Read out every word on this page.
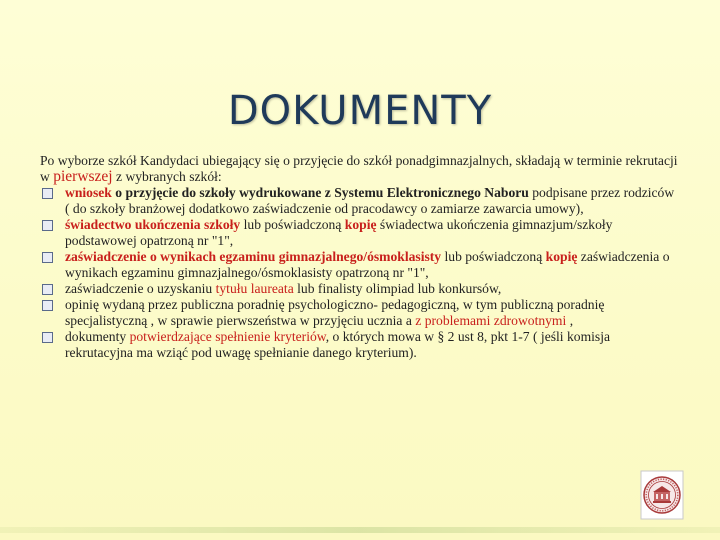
DOKUMENTY

Po wyborze szkół Kandydaci ubiegający się o przyjęcie do szkół ponadgimnazjalnych, składają w terminie rekrutacji w pierwszej z wybranych szkół:

wniosek o przyjęcie do szkoły wydrukowane z Systemu Elektronicznego Naboru podpisane przez rodziców ( do szkoły branżowej dodatkowo zaświadczenie od pracodawcy o zamiarze zawarcia umowy),
świadectwo ukończenia szkoły lub poświadczoną kopię świadectwa ukończenia gimnazjum/szkoły podstawowej opatrzoną nr "1",
zaświadczenie o wynikach egzaminu gimnazjalnego/ósmoklasisty lub poświadczoną kopię zaświadczenia o wynikach egzaminu gimnazjalnego/ósmoklasisty opatrzoną nr "1",
zaświadczenie o uzyskaniu tytułu laureata lub finalisty olimpiad lub konkursów,
opinię wydaną przez publiczna poradnię psychologiczno- pedagogiczną, w tym publiczną poradnię specjalistyczną , w sprawie pierwszeństwa w przyjęciu ucznia a z problemami zdrowotnymi ,
dokumenty potwierdzające spełnienie kryteriów, o których mowa w § 2 ust 8, pkt 1-7 ( jeśli komisja rekrutacyjna ma wziąć pod uwagę spełnianie danego kryterium).
